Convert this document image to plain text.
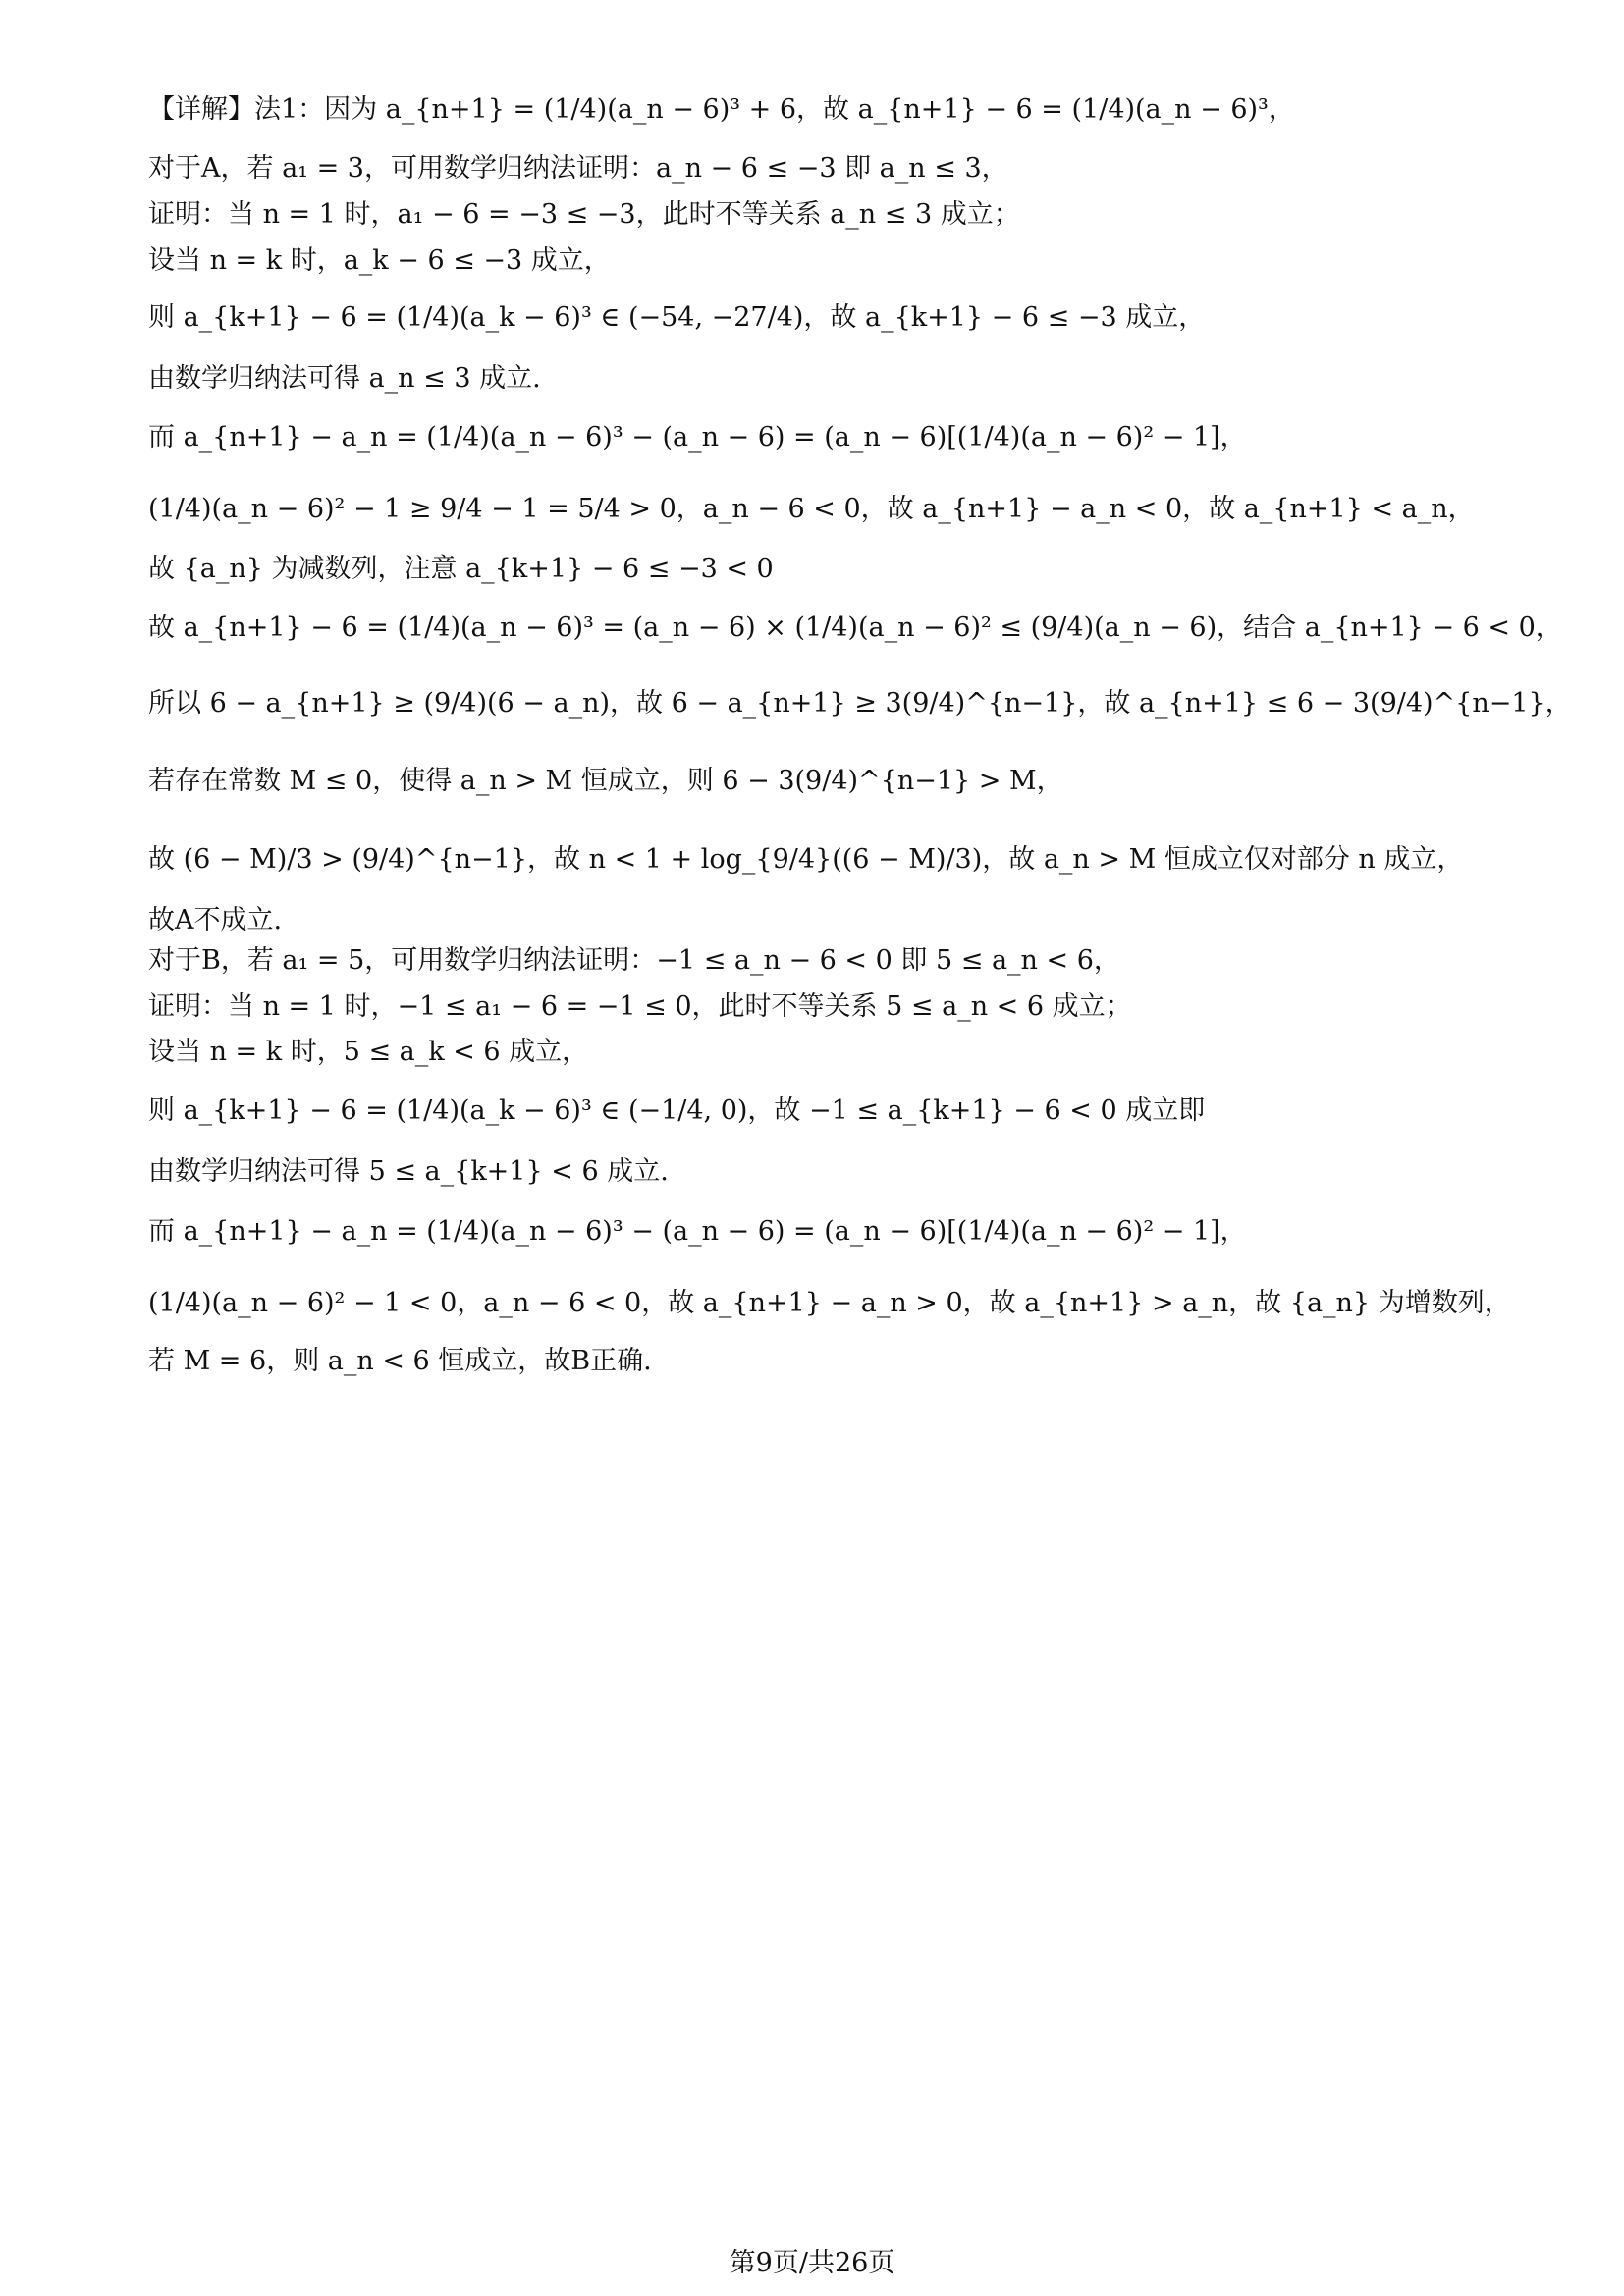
【详解】法1：因为 a_{n+1} = (1/4)(a_n − 6)³ + 6，故 a_{n+1} − 6 = (1/4)(a_n − 6)³，
对于A，若 a₁ = 3，可用数学归纳法证明：a_n − 6 ≤ −3 即 a_n ≤ 3，
证明：当 n = 1 时，a₁ − 6 = −3 ≤ −3，此时不等关系 a_n ≤ 3 成立；
设当 n = k 时，a_k − 6 ≤ −3 成立，
则 a_{k+1} − 6 = (1/4)(a_k − 6)³ ∈ (−54, −27/4)，故 a_{k+1} − 6 ≤ −3 成立，
由数学归纳法可得 a_n ≤ 3 成立.
而 a_{n+1} − a_n = (1/4)(a_n − 6)³ − (a_n − 6) = (a_n − 6)[(1/4)(a_n − 6)² − 1]，
(1/4)(a_n − 6)² − 1 ≥ 9/4 − 1 = 5/4 > 0，a_n − 6 < 0，故 a_{n+1} − a_n < 0，故 a_{n+1} < a_n，
故 {a_n} 为减数列，注意 a_{k+1} − 6 ≤ −3 < 0
故 a_{n+1} − 6 = (1/4)(a_n − 6)³ = (a_n − 6) × (1/4)(a_n − 6)² ≤ (9/4)(a_n − 6)，结合 a_{n+1} − 6 < 0，
所以 6 − a_{n+1} ≥ (9/4)(6 − a_n)，故 6 − a_{n+1} ≥ 3(9/4)^{n−1}，故 a_{n+1} ≤ 6 − 3(9/4)^{n−1}，
若存在常数 M ≤ 0，使得 a_n > M 恒成立，则 6 − 3(9/4)^{n−1} > M，
故 (6 − M)/3 > (9/4)^{n−1}，故 n < 1 + log_{9/4}((6 − M)/3)，故 a_n > M 恒成立仅对部分 n 成立，
故A不成立.
对于B，若 a₁ = 5，可用数学归纳法证明：−1 ≤ a_n − 6 < 0 即 5 ≤ a_n < 6，
证明：当 n = 1 时，−1 ≤ a₁ − 6 = −1 ≤ 0，此时不等关系 5 ≤ a_n < 6 成立；
设当 n = k 时，5 ≤ a_k < 6 成立，
则 a_{k+1} − 6 = (1/4)(a_k − 6)³ ∈ (−1/4, 0)，故 −1 ≤ a_{k+1} − 6 < 0 成立即
由数学归纳法可得 5 ≤ a_{k+1} < 6 成立.
而 a_{n+1} − a_n = (1/4)(a_n − 6)³ − (a_n − 6) = (a_n − 6)[(1/4)(a_n − 6)² − 1]，
(1/4)(a_n − 6)² − 1 < 0，a_n − 6 < 0，故 a_{n+1} − a_n > 0，故 a_{n+1} > a_n，故 {a_n} 为增数列，
若 M = 6，则 a_n < 6 恒成立，故B正确.
第9页/共26页
